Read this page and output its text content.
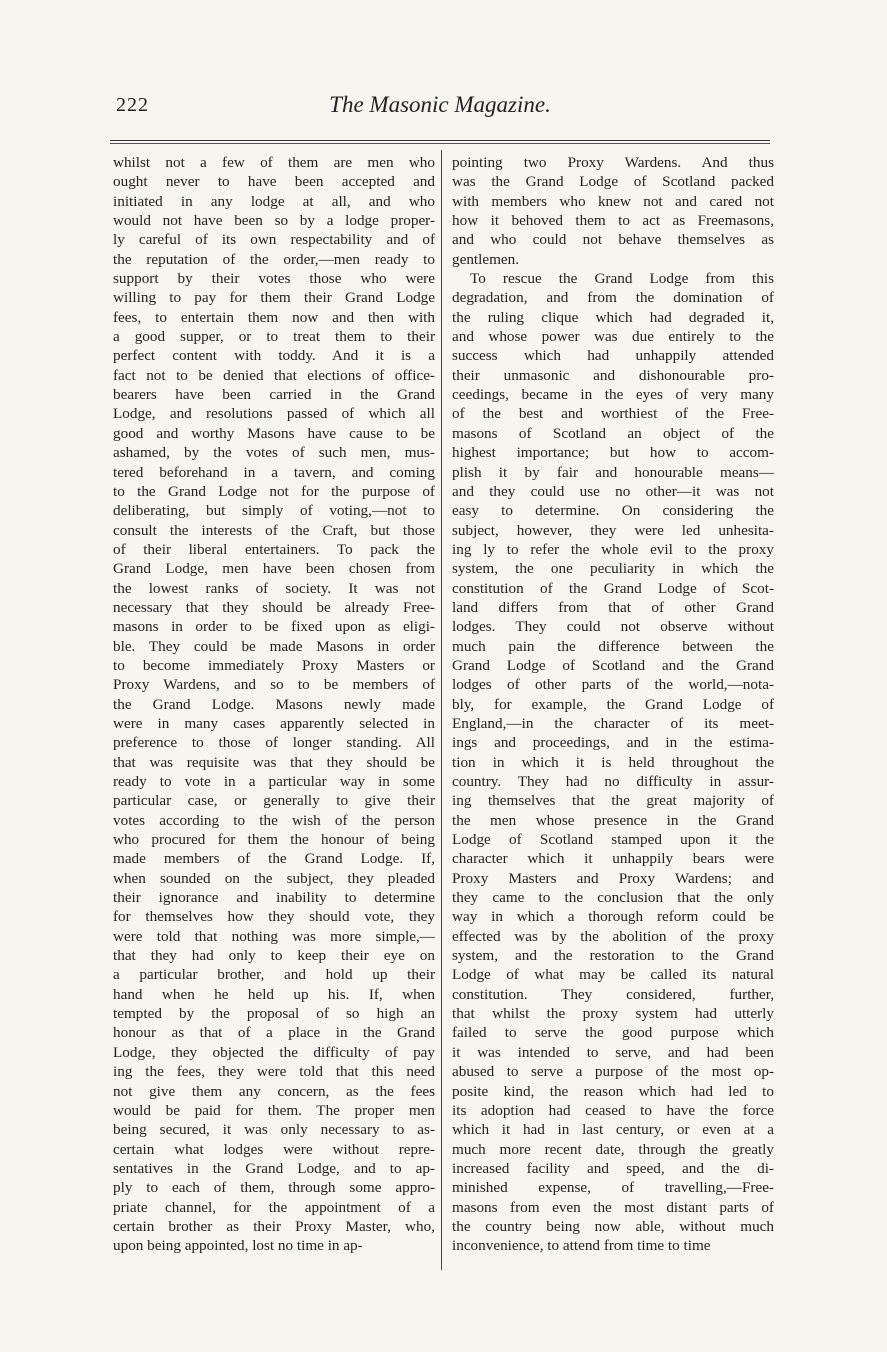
222	The Masonic Magazine.
whilst not a few of them are men who
ought never to have been accepted and
initiated in any lodge at all, and who
would not have been so by a lodge proper-
ly careful of its own respectability and of
the reputation of the order,—men ready to
support by their votes those who were
willing to pay for them their Grand Lodge
fees, to entertain them now and then with
a good supper, or to treat them to their
perfect content with toddy. And it is a
fact not to be denied that elections of office-
bearers have been carried in the Grand
Lodge, and resolutions passed of which all
good and worthy Masons have cause to be
ashamed, by the votes of such men, mus-
tered beforehand in a tavern, and coming
to the Grand Lodge not for the purpose of
deliberating, but simply of voting,—not to
consult the interests of the Craft, but those
of their liberal entertainers. To pack the
Grand Lodge, men have been chosen from
the lowest ranks of society. It was not
necessary that they should be already Free-
masons in order to be fixed upon as eligi-
ble. They could be made Masons in order
to become immediately Proxy Masters or
Proxy Wardens, and so to be members of
the Grand Lodge. Masons newly made
were in many cases apparently selected in
preference to those of longer standing. All
that was requisite was that they should be
ready to vote in a particular way in some
particular case, or generally to give their
votes according to the wish of the person
who procured for them the honour of being
made members of the Grand Lodge. If,
when sounded on the subject, they pleaded
their ignorance and inability to determine
for themselves how they should vote, they
were told that nothing was more simple,—
that they had only to keep their eye on
a particular brother, and hold up their
hand when he held up his. If, when
tempted by the proposal of so high an
honour as that of a place in the Grand
Lodge, they objected the difficulty of pay
ing the fees, they were told that this need
not give them any concern, as the fees
would be paid for them. The proper men
being secured, it was only necessary to as-
certain what lodges were without repre-
sentatives in the Grand Lodge, and to ap-
ply to each of them, through some appro-
priate channel, for the appointment of a
certain brother as their Proxy Master, who,
upon being appointed, lost no time in ap-
pointing two Proxy Wardens. And thus
was the Grand Lodge of Scotland packed
with members who knew not and cared not
how it behoved them to act as Freemasons,
and who could not behave themselves as
gentlemen.
To rescue the Grand Lodge from this
degradation, and from the domination of
the ruling clique which had degraded it,
and whose power was due entirely to the
success which had unhappily attended
their unmasonic and dishonourable pro-
ceedings, became in the eyes of very many
of the best and worthiest of the Free-
masons of Scotland an object of the
highest importance; but how to accom-
plish it by fair and honourable means—
and they could use no other—it was not
easy to determine. On considering the
subject, however, they were led unhesita-
ing ly to refer the whole evil to the proxy
system, the one peculiarity in which the
constitution of the Grand Lodge of Scot-
land differs from that of other Grand
lodges. They could not observe without
much pain the difference between the
Grand Lodge of Scotland and the Grand
lodges of other parts of the world,—nota-
bly, for example, the Grand Lodge of
England,—in the character of its meet-
ings and proceedings, and in the estima-
tion in which it is held throughout the
country. They had no difficulty in assur-
ing themselves that the great majority of
the men whose presence in the Grand
Lodge of Scotland stamped upon it the
character which it unhappily bears were
Proxy Masters and Proxy Wardens; and
they came to the conclusion that the only
way in which a thorough reform could be
effected was by the abolition of the proxy
system, and the restoration to the Grand
Lodge of what may be called its natural
constitution. They considered, further,
that whilst the proxy system had utterly
failed to serve the good purpose which
it was intended to serve, and had been
abused to serve a purpose of the most op-
posite kind, the reason which had led to
its adoption had ceased to have the force
which it had in last century, or even at a
much more recent date, through the greatly
increased facility and speed, and the di-
minished expense, of travelling,—Free-
masons from even the most distant parts of
the country being now able, without much
inconvenience, to attend from time to time
